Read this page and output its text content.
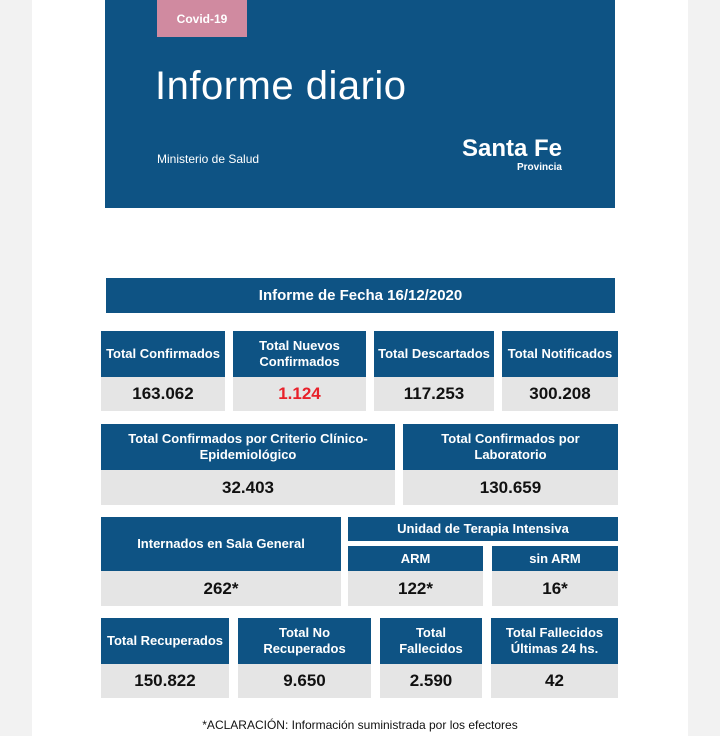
Covid-19
Informe diario
Ministerio de Salud	Santa Fe
Provincia
Informe de Fecha 16/12/2020
Total Confirmados
163.062
Total Nuevos Confirmados
1.124
Total Descartados
117.253
Total Notificados
300.208
Total Confirmados por Criterio Clínico-Epidemiológico
32.403
Total Confirmados por Laboratorio
130.659
Internados en Sala General
262*
Unidad de Terapia Intensiva
ARM
122*
sin ARM
16*
Total Recuperados
150.822
Total No Recuperados
9.650
Total Fallecidos
2.590
Total Fallecidos Últimas 24 hs.
42
*ACLARACIÓN: Información suministrada por los efectores
